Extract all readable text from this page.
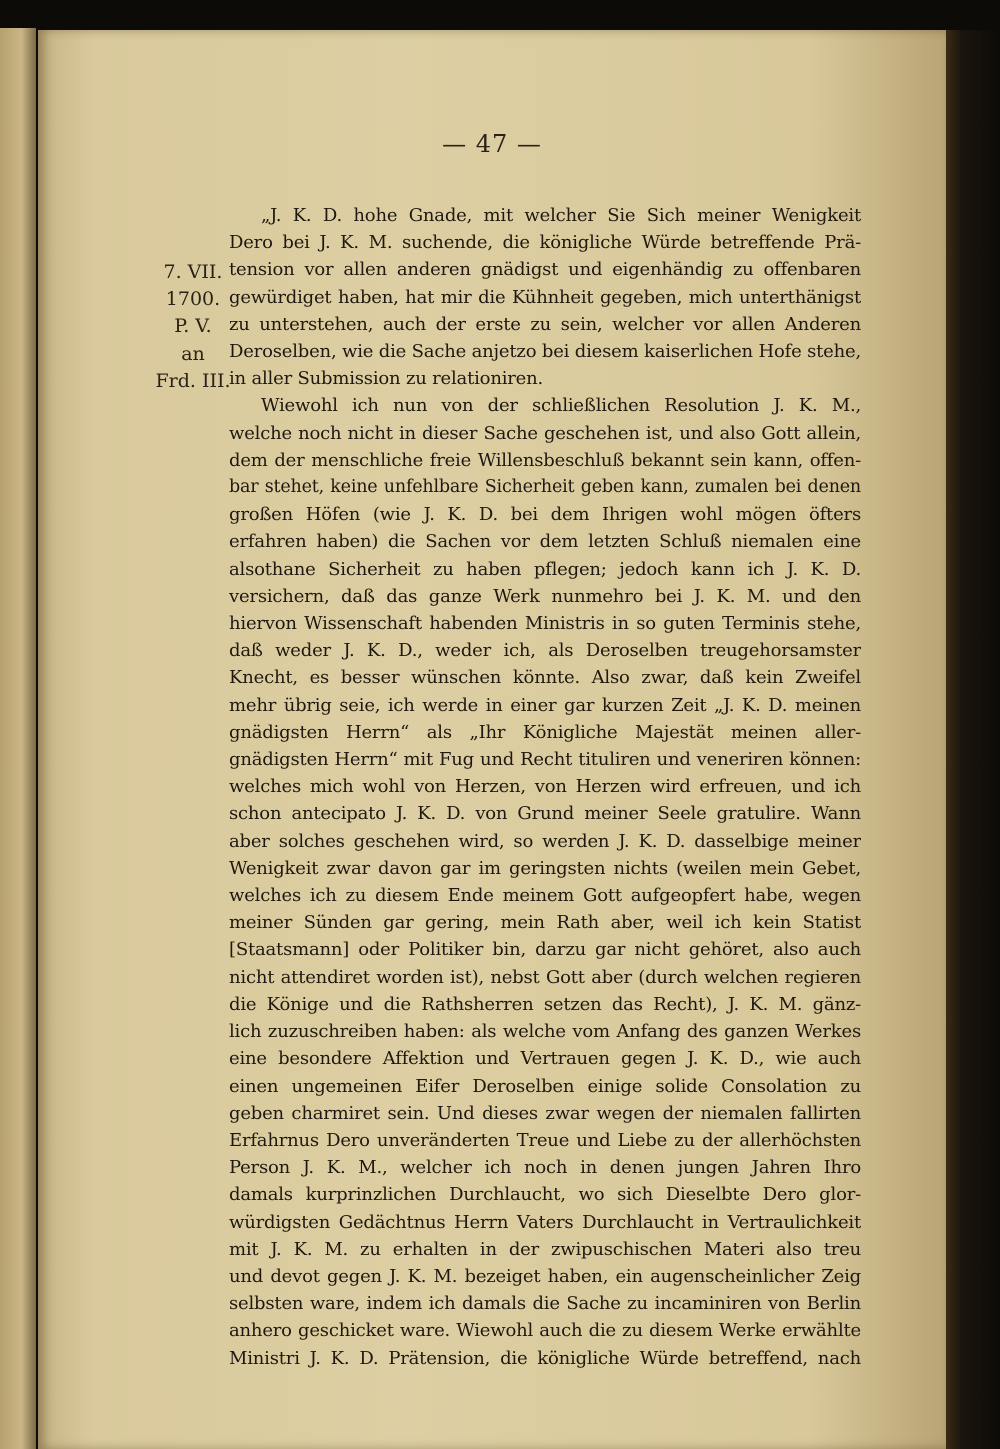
— 47 —
7. VII.
1700.
P. V.
an
Frd. III.
„J. K. D. hohe Gnade, mit welcher Sie Sich meiner Wenigkeit
Dero bei J. K. M. suchende, die königliche Würde betreffende Prä-
tension vor allen anderen gnädigst und eigenhändig zu offenbaren
gewürdiget haben, hat mir die Kühnheit gegeben, mich unterthänigst
zu unterstehen, auch der erste zu sein, welcher vor allen Anderen
Deroselben, wie die Sache anjetzo bei diesem kaiserlichen Hofe stehe,
in aller Submission zu relationiren.
Wiewohl ich nun von der schließlichen Resolution J. K. M.,
welche noch nicht in dieser Sache geschehen ist, und also Gott allein,
dem der menschliche freie Willensbeschluß bekannt sein kann, offen-
bar stehet, keine unfehlbare Sicherheit geben kann, zumalen bei denen
großen Höfen (wie J. K. D. bei dem Ihrigen wohl mögen öfters
erfahren haben) die Sachen vor dem letzten Schluß niemalen eine
alsothane Sicherheit zu haben pflegen; jedoch kann ich J. K. D.
versichern, daß das ganze Werk nunmehro bei J. K. M. und den
hiervon Wissenschaft habenden Ministris in so guten Terminis stehe,
daß weder J. K. D., weder ich, als Deroselben treugehorsamster
Knecht, es besser wünschen könnte. Also zwar, daß kein Zweifel
mehr übrig seie, ich werde in einer gar kurzen Zeit „J. K. D. meinen
gnädigsten Herrn“ als „Ihr Königliche Majestät meinen aller-
gnädigsten Herrn“ mit Fug und Recht tituliren und veneriren können:
welches mich wohl von Herzen, von Herzen wird erfreuen, und ich
schon antecipato J. K. D. von Grund meiner Seele gratulire. Wann
aber solches geschehen wird, so werden J. K. D. dasselbige meiner
Wenigkeit zwar davon gar im geringsten nichts (weilen mein Gebet,
welches ich zu diesem Ende meinem Gott aufgeopfert habe, wegen
meiner Sünden gar gering, mein Rath aber, weil ich kein Statist
[Staatsmann] oder Politiker bin, darzu gar nicht gehöret, also auch
nicht attendiret worden ist), nebst Gott aber (durch welchen regieren
die Könige und die Rathsherren setzen das Recht), J. K. M. gänz-
lich zuzuschreiben haben: als welche vom Anfang des ganzen Werkes
eine besondere Affektion und Vertrauen gegen J. K. D., wie auch
einen ungemeinen Eifer Deroselben einige solide Consolation zu
geben charmiret sein. Und dieses zwar wegen der niemalen fallirten
Erfahrnus Dero unveränderten Treue und Liebe zu der allerhöchsten
Person J. K. M., welcher ich noch in denen jungen Jahren Ihro
damals kurprinzlichen Durchlaucht, wo sich Dieselbte Dero glor-
würdigsten Gedächtnus Herrn Vaters Durchlaucht in Vertraulichkeit
mit J. K. M. zu erhalten in der zwipuschischen Materi also treu
und devot gegen J. K. M. bezeiget haben, ein augenscheinlicher Zeig
selbsten ware, indem ich damals die Sache zu incaminiren von Berlin
anhero geschicket ware. Wiewohl auch die zu diesem Werke erwählte
Ministri J. K. D. Prätension, die königliche Würde betreffend, nach
